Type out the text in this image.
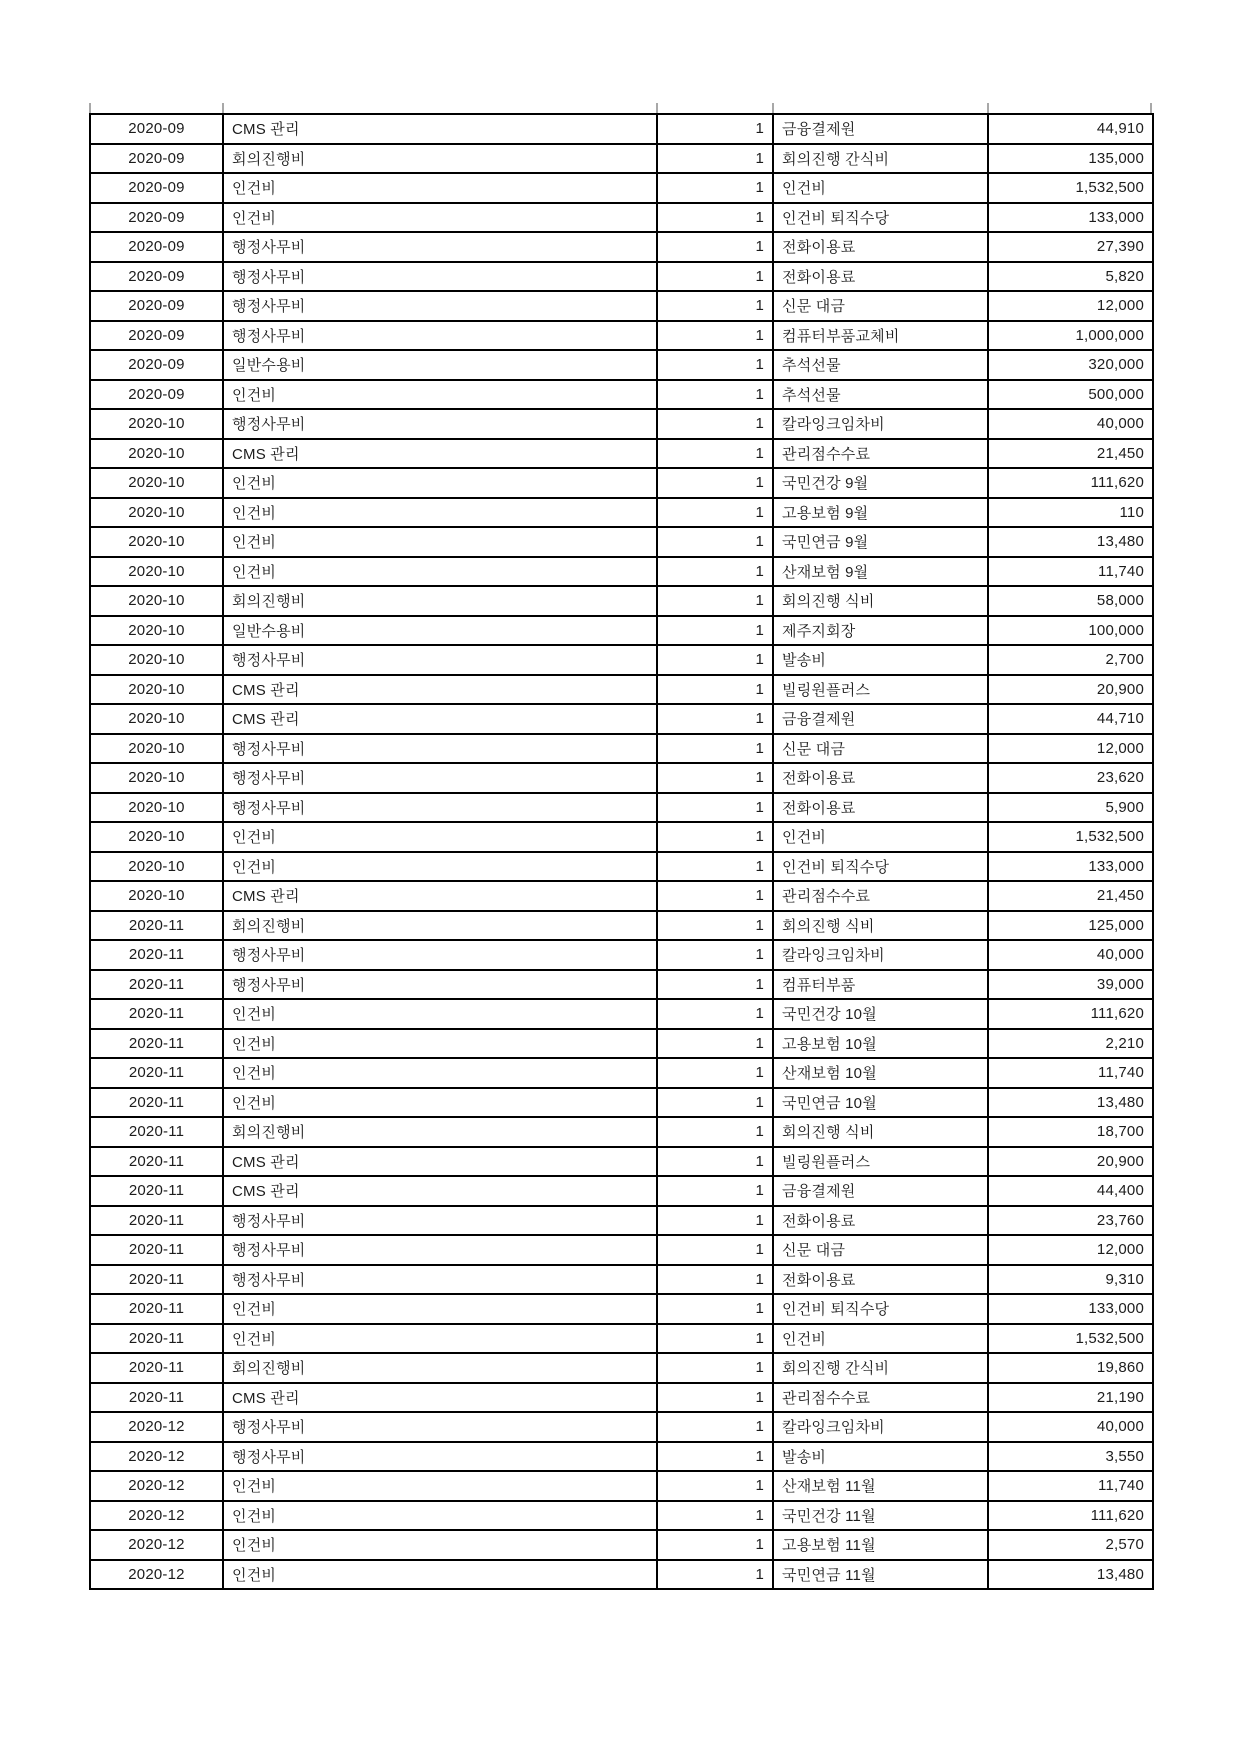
2020-09	CMS 관리	1	금융결제원	44,910
2020-09	회의진행비	1	회의진행 간식비	135,000
2020-09	인건비	1	인건비	1,532,500
2020-09	인건비	1	인건비 퇴직수당	133,000
2020-09	행정사무비	1	전화이용료	27,390
2020-09	행정사무비	1	전화이용료	5,820
2020-09	행정사무비	1	신문 대금	12,000
2020-09	행정사무비	1	컴퓨터부품교체비	1,000,000
2020-09	일반수용비	1	추석선물	320,000
2020-09	인건비	1	추석선물	500,000
2020-10	행정사무비	1	칼라잉크임차비	40,000
2020-10	CMS 관리	1	관리점수수료	21,450
2020-10	인건비	1	국민건강 9월	111,620
2020-10	인건비	1	고용보험 9월	110
2020-10	인건비	1	국민연금 9월	13,480
2020-10	인건비	1	산재보험 9월	11,740
2020-10	회의진행비	1	회의진행 식비	58,000
2020-10	일반수용비	1	제주지회장	100,000
2020-10	행정사무비	1	발송비	2,700
2020-10	CMS 관리	1	빌링원플러스	20,900
2020-10	CMS 관리	1	금융결제원	44,710
2020-10	행정사무비	1	신문 대금	12,000
2020-10	행정사무비	1	전화이용료	23,620
2020-10	행정사무비	1	전화이용료	5,900
2020-10	인건비	1	인건비	1,532,500
2020-10	인건비	1	인건비 퇴직수당	133,000
2020-10	CMS 관리	1	관리점수수료	21,450
2020-11	회의진행비	1	회의진행 식비	125,000
2020-11	행정사무비	1	칼라잉크임차비	40,000
2020-11	행정사무비	1	컴퓨터부품	39,000
2020-11	인건비	1	국민건강 10월	111,620
2020-11	인건비	1	고용보험 10월	2,210
2020-11	인건비	1	산재보험 10월	11,740
2020-11	인건비	1	국민연금 10월	13,480
2020-11	회의진행비	1	회의진행 식비	18,700
2020-11	CMS 관리	1	빌링원플러스	20,900
2020-11	CMS 관리	1	금융결제원	44,400
2020-11	행정사무비	1	전화이용료	23,760
2020-11	행정사무비	1	신문 대금	12,000
2020-11	행정사무비	1	전화이용료	9,310
2020-11	인건비	1	인건비 퇴직수당	133,000
2020-11	인건비	1	인건비	1,532,500
2020-11	회의진행비	1	회의진행 간식비	19,860
2020-11	CMS 관리	1	관리점수수료	21,190
2020-12	행정사무비	1	칼라잉크임차비	40,000
2020-12	행정사무비	1	발송비	3,550
2020-12	인건비	1	산재보험 11월	11,740
2020-12	인건비	1	국민건강 11월	111,620
2020-12	인건비	1	고용보험 11월	2,570
2020-12	인건비	1	국민연금 11월	13,480
